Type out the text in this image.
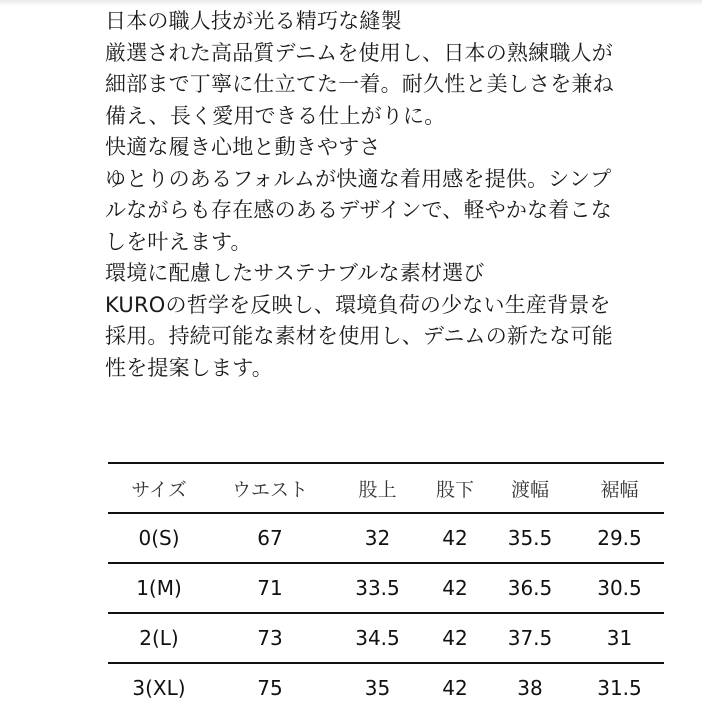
日本の職人技が光る精巧な縫製
厳選された高品質デニムを使用し、日本の熟練職人が
細部まで丁寧に仕立てた一着。耐久性と美しさを兼ね
備え、長く愛用できる仕上がりに。
快適な履き心地と動きやすさ
ゆとりのあるフォルムが快適な着用感を提供。シンプ
ルながらも存在感のあるデザインで、軽やかな着こな
しを叶えます。
環境に配慮したサステナブルな素材選び
KUROの哲学を反映し、環境負荷の少ない生産背景を
採用。持続可能な素材を使用し、デニムの新たな可能
性を提案します。
サイズ	ウエスト	股上	股下	渡幅	裾幅
0(S)	67	32	42	35.5	29.5
1(M)	71	33.5	42	36.5	30.5
2(L)	73	34.5	42	37.5	31
3(XL)	75	35	42	38	31.5
